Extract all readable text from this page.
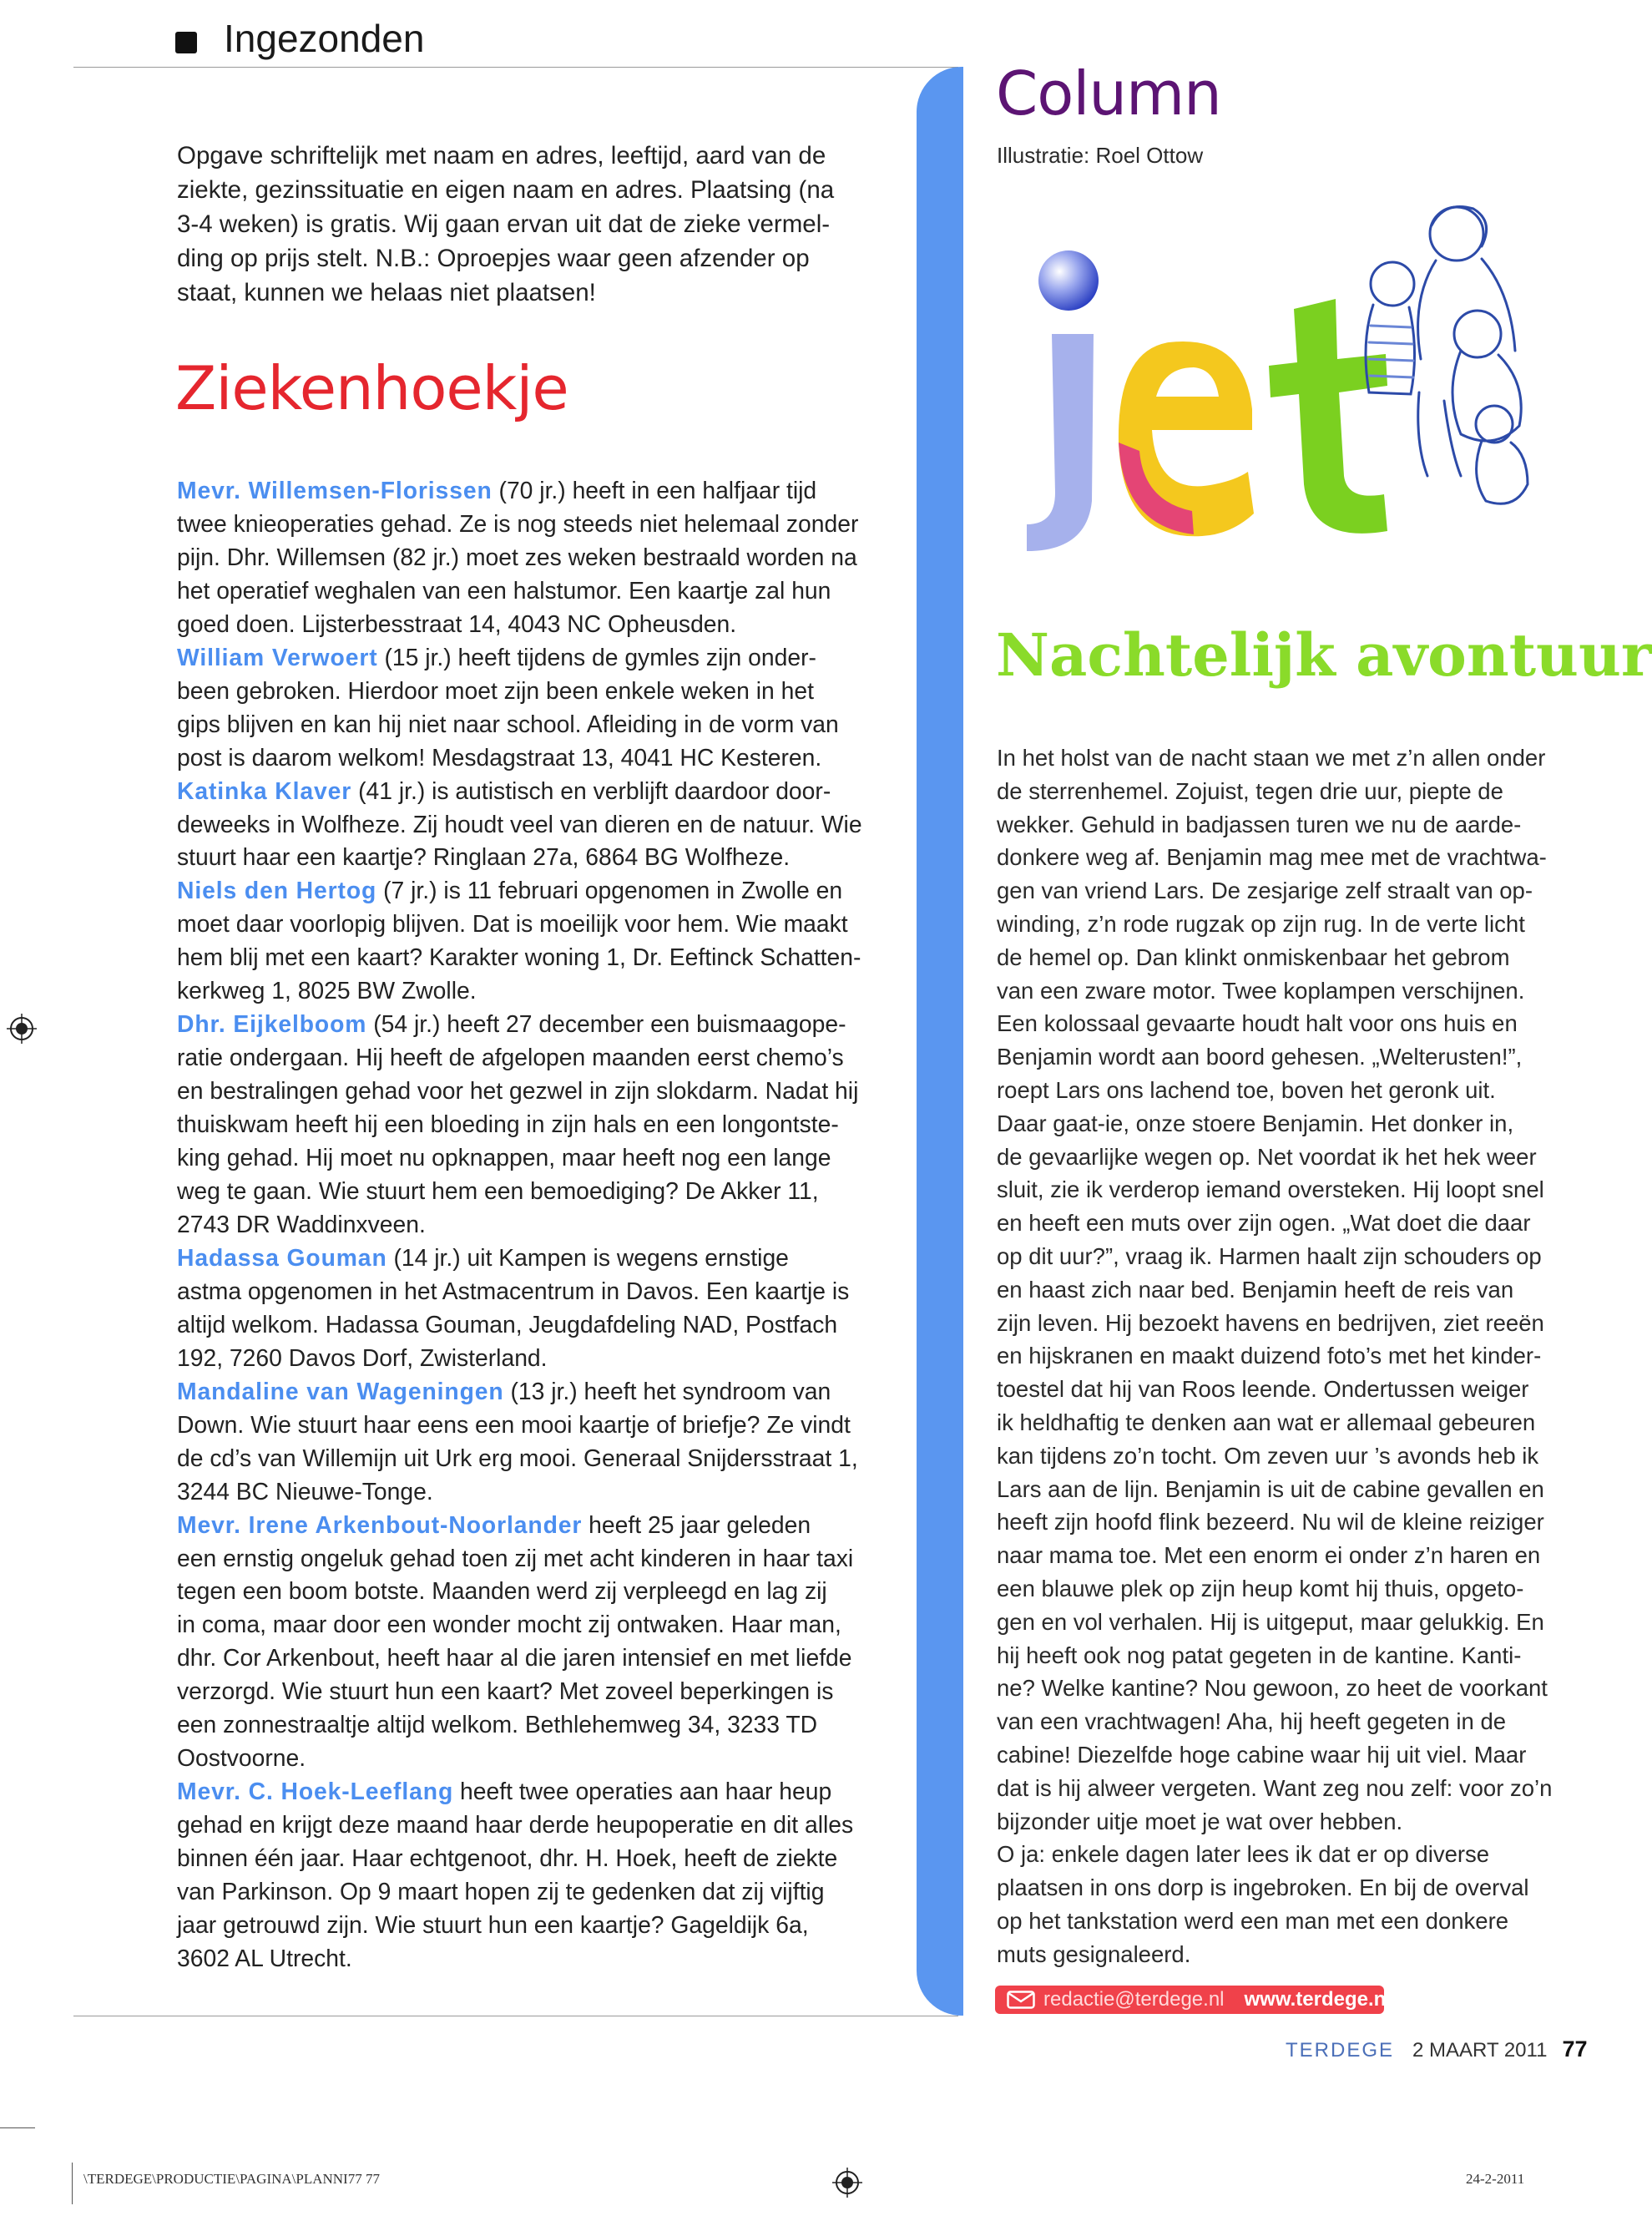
Ingezonden
Opgave schriftelijk met naam en adres, leeftijd, aard van de
ziekte, gezinssituatie en eigen naam en adres. Plaatsing (na
3-4 weken) is gratis. Wij gaan ervan uit dat de zieke vermel-
ding op prijs stelt. N.B.: Oproepjes waar geen afzender op
staat, kunnen we helaas niet plaatsen!
Ziekenhoekje
Mevr. Willemsen-Florissen (70 jr.) heeft in een halfjaar tijd
twee knieoperaties gehad. Ze is nog steeds niet helemaal zonder
pijn. Dhr. Willemsen (82 jr.) moet zes weken bestraald worden na
het operatief weghalen van een halstumor. Een kaartje zal hun
goed doen. Lijsterbesstraat 14, 4043 NC Opheusden.
William Verwoert (15 jr.) heeft tijdens de gymles zijn onder-
been gebroken. Hierdoor moet zijn been enkele weken in het
gips blijven en kan hij niet naar school. Afleiding in de vorm van
post is daarom welkom! Mesdagstraat 13, 4041 HC Kesteren.
Katinka Klaver (41 jr.) is autistisch en verblijft daardoor door-
deweeks in Wolfheze. Zij houdt veel van dieren en de natuur. Wie
stuurt haar een kaartje? Ringlaan 27a, 6864 BG Wolfheze.
Niels den Hertog (7 jr.) is 11 februari opgenomen in Zwolle en
moet daar voorlopig blijven. Dat is moeilijk voor hem. Wie maakt
hem blij met een kaart? Karakter woning 1, Dr. Eeftinck Schatten-
kerkweg 1, 8025 BW Zwolle.
Dhr. Eijkelboom (54 jr.) heeft 27 december een buismaagope-
ratie ondergaan. Hij heeft de afgelopen maanden eerst chemo’s
en bestralingen gehad voor het gezwel in zijn slokdarm. Nadat hij
thuiskwam heeft hij een bloeding in zijn hals en een longontste-
king gehad. Hij moet nu opknappen, maar heeft nog een lange
weg te gaan. Wie stuurt hem een bemoediging? De Akker 11,
2743 DR Waddinxveen.
Hadassa Gouman (14 jr.) uit Kampen is wegens ernstige
astma opgenomen in het Astmacentrum in Davos. Een kaartje is
altijd welkom. Hadassa Gouman, Jeugdafdeling NAD, Postfach
192, 7260 Davos Dorf, Zwisterland.
Mandaline van Wageningen (13 jr.) heeft het syndroom van
Down. Wie stuurt haar eens een mooi kaartje of briefje? Ze vindt
de cd’s van Willemijn uit Urk erg mooi. Generaal Snijdersstraat 1,
3244 BC Nieuwe-Tonge.
Mevr. Irene Arkenbout-Noorlander heeft 25 jaar geleden
een ernstig ongeluk gehad toen zij met acht kinderen in haar taxi
tegen een boom botste. Maanden werd zij verpleegd en lag zij
in coma, maar door een wonder mocht zij ontwaken. Haar man,
dhr. Cor Arkenbout, heeft haar al die jaren intensief en met liefde
verzorgd. Wie stuurt hun een kaart? Met zoveel beperkingen is
een zonnestraaltje altijd welkom. Bethlehemweg 34, 3233 TD
Oostvoorne.
Mevr. C. Hoek-Leeflang heeft twee operaties aan haar heup
gehad en krijgt deze maand haar derde heupoperatie en dit alles
binnen één jaar. Haar echtgenoot, dhr. H. Hoek, heeft de ziekte
van Parkinson. Op 9 maart hopen zij te gedenken dat zij vijftig
jaar getrouwd zijn. Wie stuurt hun een kaartje? Gageldijk 6a,
3602 AL Utrecht.
Column
Illustratie: Roel Ottow
Nachtelijk avontuur
In het holst van de nacht staan we met z’n allen onder
de sterrenhemel. Zojuist, tegen drie uur, piepte de
wekker. Gehuld in badjassen turen we nu de aarde-
donkere weg af. Benjamin mag mee met de vrachtwa-
gen van vriend Lars. De zesjarige zelf straalt van op-
winding, z’n rode rugzak op zijn rug. In de verte licht
de hemel op. Dan klinkt onmiskenbaar het gebrom
van een zware motor. Twee koplampen verschijnen.
Een kolossaal gevaarte houdt halt voor ons huis en
Benjamin wordt aan boord gehesen. „Welterusten!”,
roept Lars ons lachend toe, boven het geronk uit.
Daar gaat-ie, onze stoere Benjamin. Het donker in,
de gevaarlijke wegen op. Net voordat ik het hek weer
sluit, zie ik verderop iemand oversteken. Hij loopt snel
en heeft een muts over zijn ogen. „Wat doet die daar
op dit uur?”, vraag ik. Harmen haalt zijn schouders op
en haast zich naar bed. Benjamin heeft de reis van
zijn leven. Hij bezoekt havens en bedrijven, ziet reeën
en hijskranen en maakt duizend foto’s met het kinder-
toestel dat hij van Roos leende. Ondertussen weiger
ik heldhaftig te denken aan wat er allemaal gebeuren
kan tijdens zo’n tocht. Om zeven uur ’s avonds heb ik
Lars aan de lijn. Benjamin is uit de cabine gevallen en
heeft zijn hoofd flink bezeerd. Nu wil de kleine reiziger
naar mama toe. Met een enorm ei onder z’n haren en
een blauwe plek op zijn heup komt hij thuis, opgeto-
gen en vol verhalen. Hij is uitgeput, maar gelukkig. En
hij heeft ook nog patat gegeten in de kantine. Kanti-
ne? Welke kantine? Nou gewoon, zo heet de voorkant
van een vrachtwagen! Aha, hij heeft gegeten in de
cabine! Diezelfde hoge cabine waar hij uit viel. Maar
dat is hij alweer vergeten. Want zeg nou zelf: voor zo’n
bijzonder uitje moet je wat over hebben.
O ja: enkele dagen later lees ik dat er op diverse
plaatsen in ons dorp is ingebroken. En bij de overval
op het tankstation werd een man met een donkere
muts gesignaleerd.
redactie@terdege.nl www.terdege.nl
TERDEGE 2 MAART 2011 77
\TERDEGE\PRODUCTIE\PAGINA\PLANNI77 77	24-2-2011
